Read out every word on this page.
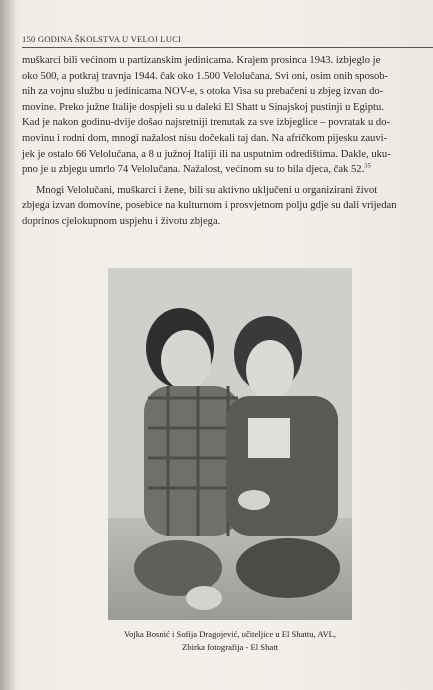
150 GODINA ŠKOLSTVA U VELOJ LUCI
muškarci bili većinom u partizanskim jedinicama. Krajem prosinca 1943. izbjeglo je
oko 500, a potkraj travnja 1944. čak oko 1.500 Velolučana. Svi oni, osim onih sposob-
nih za vojnu službu u jedinicama NOV-e, s otoka Visa su prebačeni u zbjeg izvan do-
movine. Preko južne Italije dospjeli su u daleki El Shatt u Sinajskoj pustinji u Egiptu.
Kad je nakon godinu-dvije došao najsretniji trenutak za sve izbjeglice – povratak u do-
movinu i rodni dom, mnogi nažalost nisu dočekali taj dan. Na afričkom pijesku zauvi-
jek je ostalo 66 Velolučana, a 8 u južnoj Italiji ili na usputnim odredištima. Dakle, uku-
pno je u zbjegu umrlo 74 Velolučana. Nažalost, većinom su to bila djeca, čak 52.35
Mnogi Velolučani, muškarci i žene, bili su aktivno uključeni u organizirani život
zbjega izvan domovine, posebice na kulturnom i prosvjetnom polju gdje su dali vrijedan
doprinos cjelokupnom uspjehu i životu zbjega.
Vojka Bosnić i Sofija Dragojević, učiteljice u El Shattu, AVL,
Zbirka fotografija - El Shatt
